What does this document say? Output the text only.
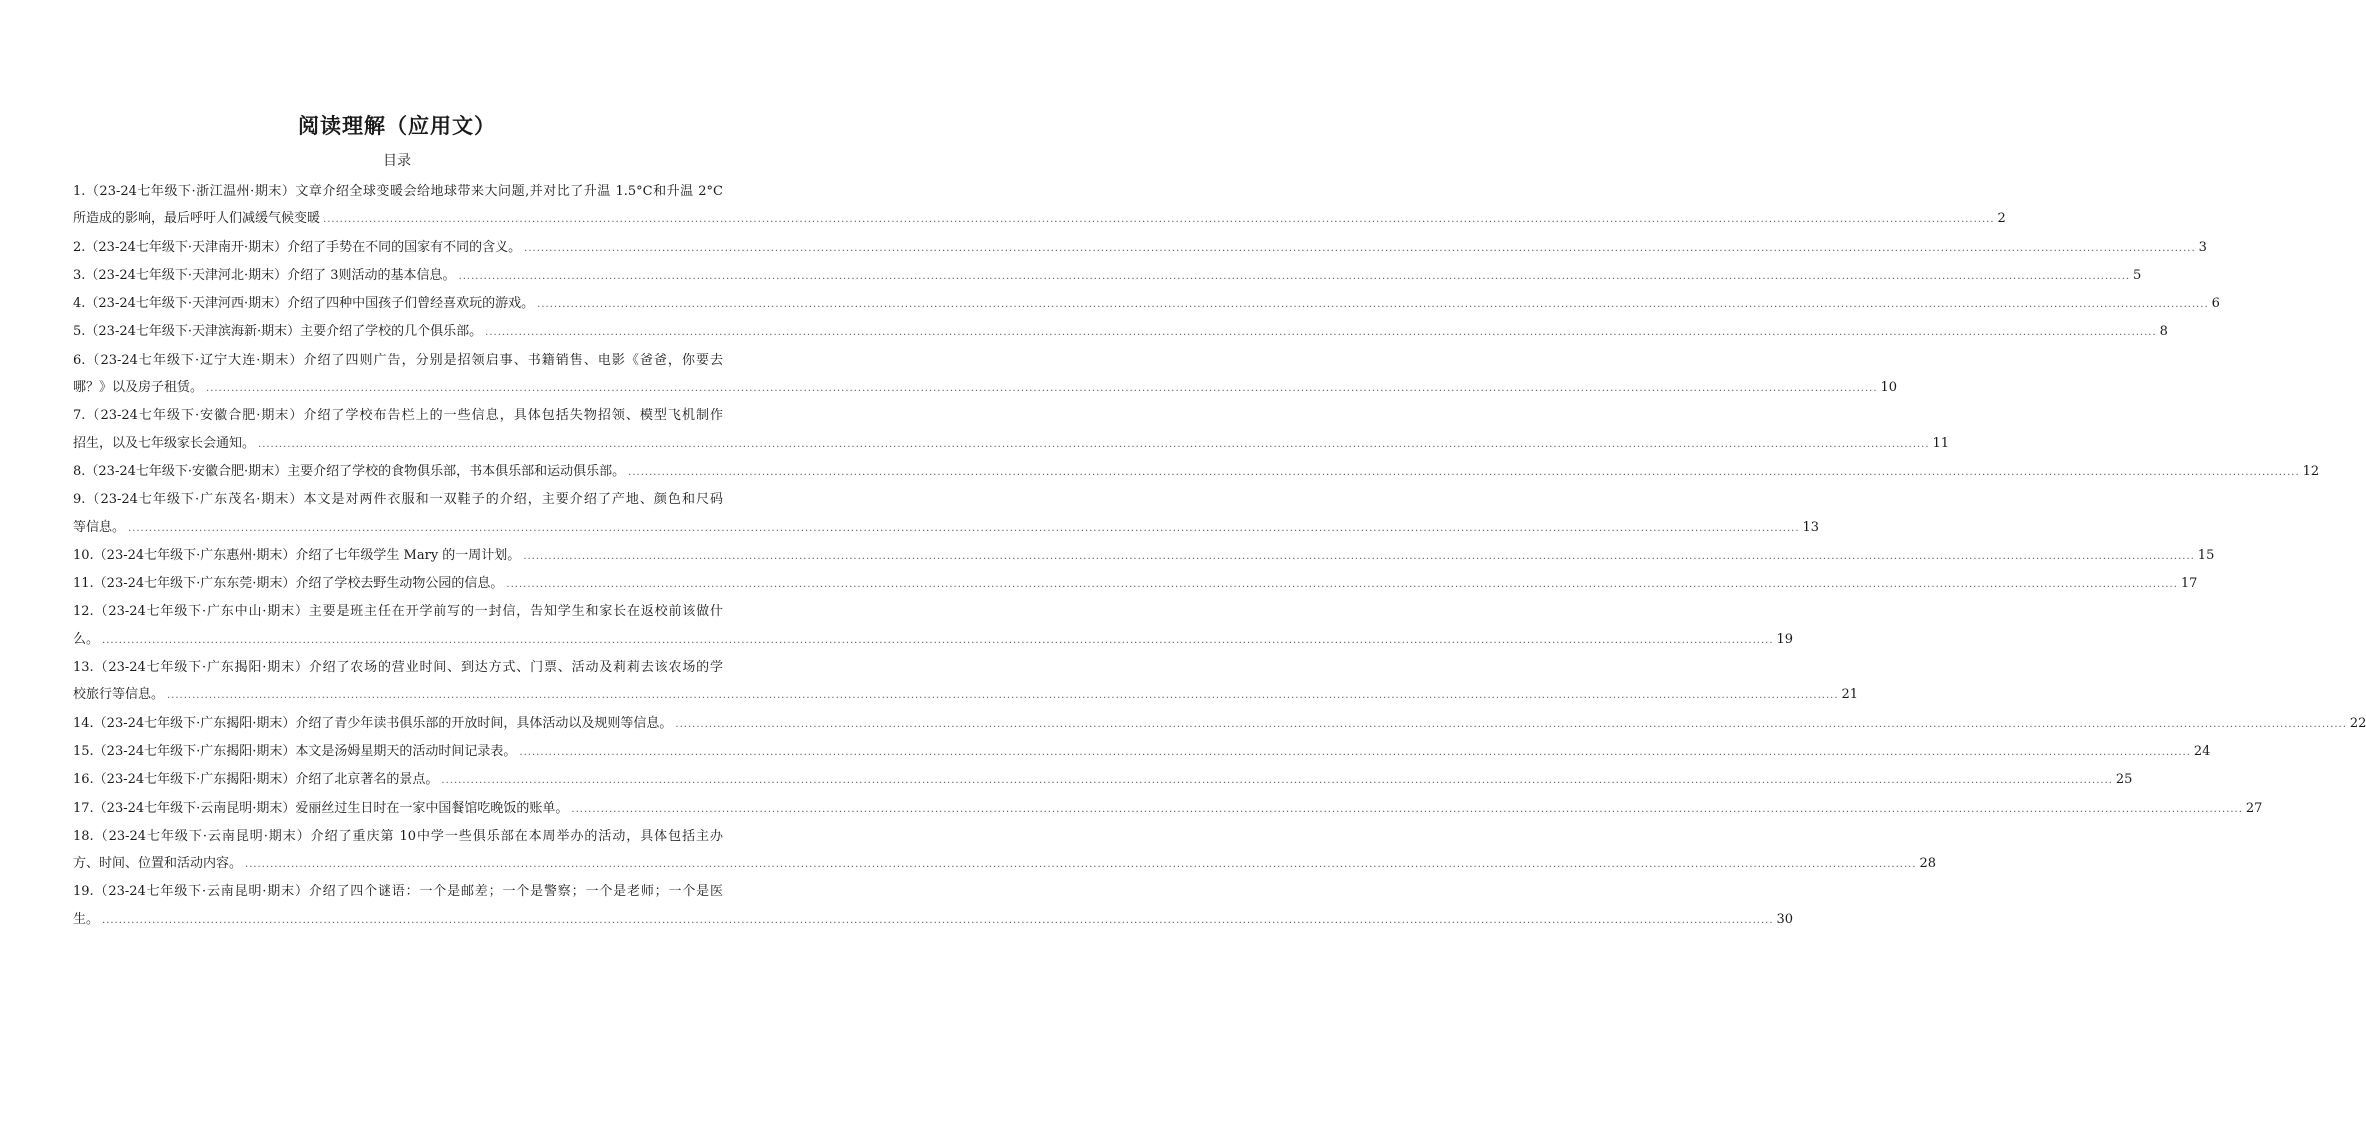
阅读理解（应用文）
目录
1.（23-24七年级下·浙江温州·期末）文章介绍全球变暖会给地球带来大问题,并对比了升温 1.5°C和升温 2°C
所造成的影响，最后呼吁人们减缓气候变暖 ................................................................................................................................................................................................................................................................................................................................................................................................................ 2
2.（23-24七年级下·天津南开·期末）介绍了手势在不同的国家有不同的含义。 ................................................................................................................................................................................................................................................................................................................................................................................................................ 3
3.（23-24七年级下·天津河北·期末）介绍了 3则活动的基本信息。 ................................................................................................................................................................................................................................................................................................................................................................................................................ 5
4.（23-24七年级下·天津河西·期末）介绍了四种中国孩子们曾经喜欢玩的游戏。 ................................................................................................................................................................................................................................................................................................................................................................................................................ 6
5.（23-24七年级下·天津滨海新·期末）主要介绍了学校的几个俱乐部。 ................................................................................................................................................................................................................................................................................................................................................................................................................ 8
6.（23-24七年级下·辽宁大连·期末）介绍了四则广告，分别是招领启事、书籍销售、电影《爸爸，你要去
哪？》以及房子租赁。 ................................................................................................................................................................................................................................................................................................................................................................................................................ 10
7.（23-24七年级下·安徽合肥·期末）介绍了学校布告栏上的一些信息，具体包括失物招领、模型飞机制作
招生，以及七年级家长会通知。 ................................................................................................................................................................................................................................................................................................................................................................................................................ 11
8.（23-24七年级下·安徽合肥·期末）主要介绍了学校的食物俱乐部，书本俱乐部和运动俱乐部。 ................................................................................................................................................................................................................................................................................................................................................................................................................ 12
9.（23-24七年级下·广东茂名·期末）本文是对两件衣服和一双鞋子的介绍，主要介绍了产地、颜色和尺码
等信息。 ................................................................................................................................................................................................................................................................................................................................................................................................................ 13
10.（23-24七年级下·广东惠州·期末）介绍了七年级学生 Mary 的一周计划。 ................................................................................................................................................................................................................................................................................................................................................................................................................ 15
11.（23-24七年级下·广东东莞·期末）介绍了学校去野生动物公园的信息。 ................................................................................................................................................................................................................................................................................................................................................................................................................ 17
12.（23-24七年级下·广东中山·期末）主要是班主任在开学前写的一封信，告知学生和家长在返校前该做什
么。 ................................................................................................................................................................................................................................................................................................................................................................................................................ 19
13.（23-24七年级下·广东揭阳·期末）介绍了农场的营业时间、到达方式、门票、活动及莉莉去该农场的学
校旅行等信息。 ................................................................................................................................................................................................................................................................................................................................................................................................................ 21
14.（23-24七年级下·广东揭阳·期末）介绍了青少年读书俱乐部的开放时间，具体活动以及规则等信息。 ................................................................................................................................................................................................................................................................................................................................................................................................................ 22
15.（23-24七年级下·广东揭阳·期末）本文是汤姆星期天的活动时间记录表。 ................................................................................................................................................................................................................................................................................................................................................................................................................ 24
16.（23-24七年级下·广东揭阳·期末）介绍了北京著名的景点。 ................................................................................................................................................................................................................................................................................................................................................................................................................ 25
17.（23-24七年级下·云南昆明·期末）爱丽丝过生日时在一家中国餐馆吃晚饭的账单。 ................................................................................................................................................................................................................................................................................................................................................................................................................ 27
18.（23-24七年级下·云南昆明·期末）介绍了重庆第 10中学一些俱乐部在本周举办的活动，具体包括主办
方、时间、位置和活动内容。 ................................................................................................................................................................................................................................................................................................................................................................................................................ 28
19.（23-24七年级下·云南昆明·期末）介绍了四个谜语：一个是邮差；一个是警察；一个是老师；一个是医
生。 ................................................................................................................................................................................................................................................................................................................................................................................................................ 30
